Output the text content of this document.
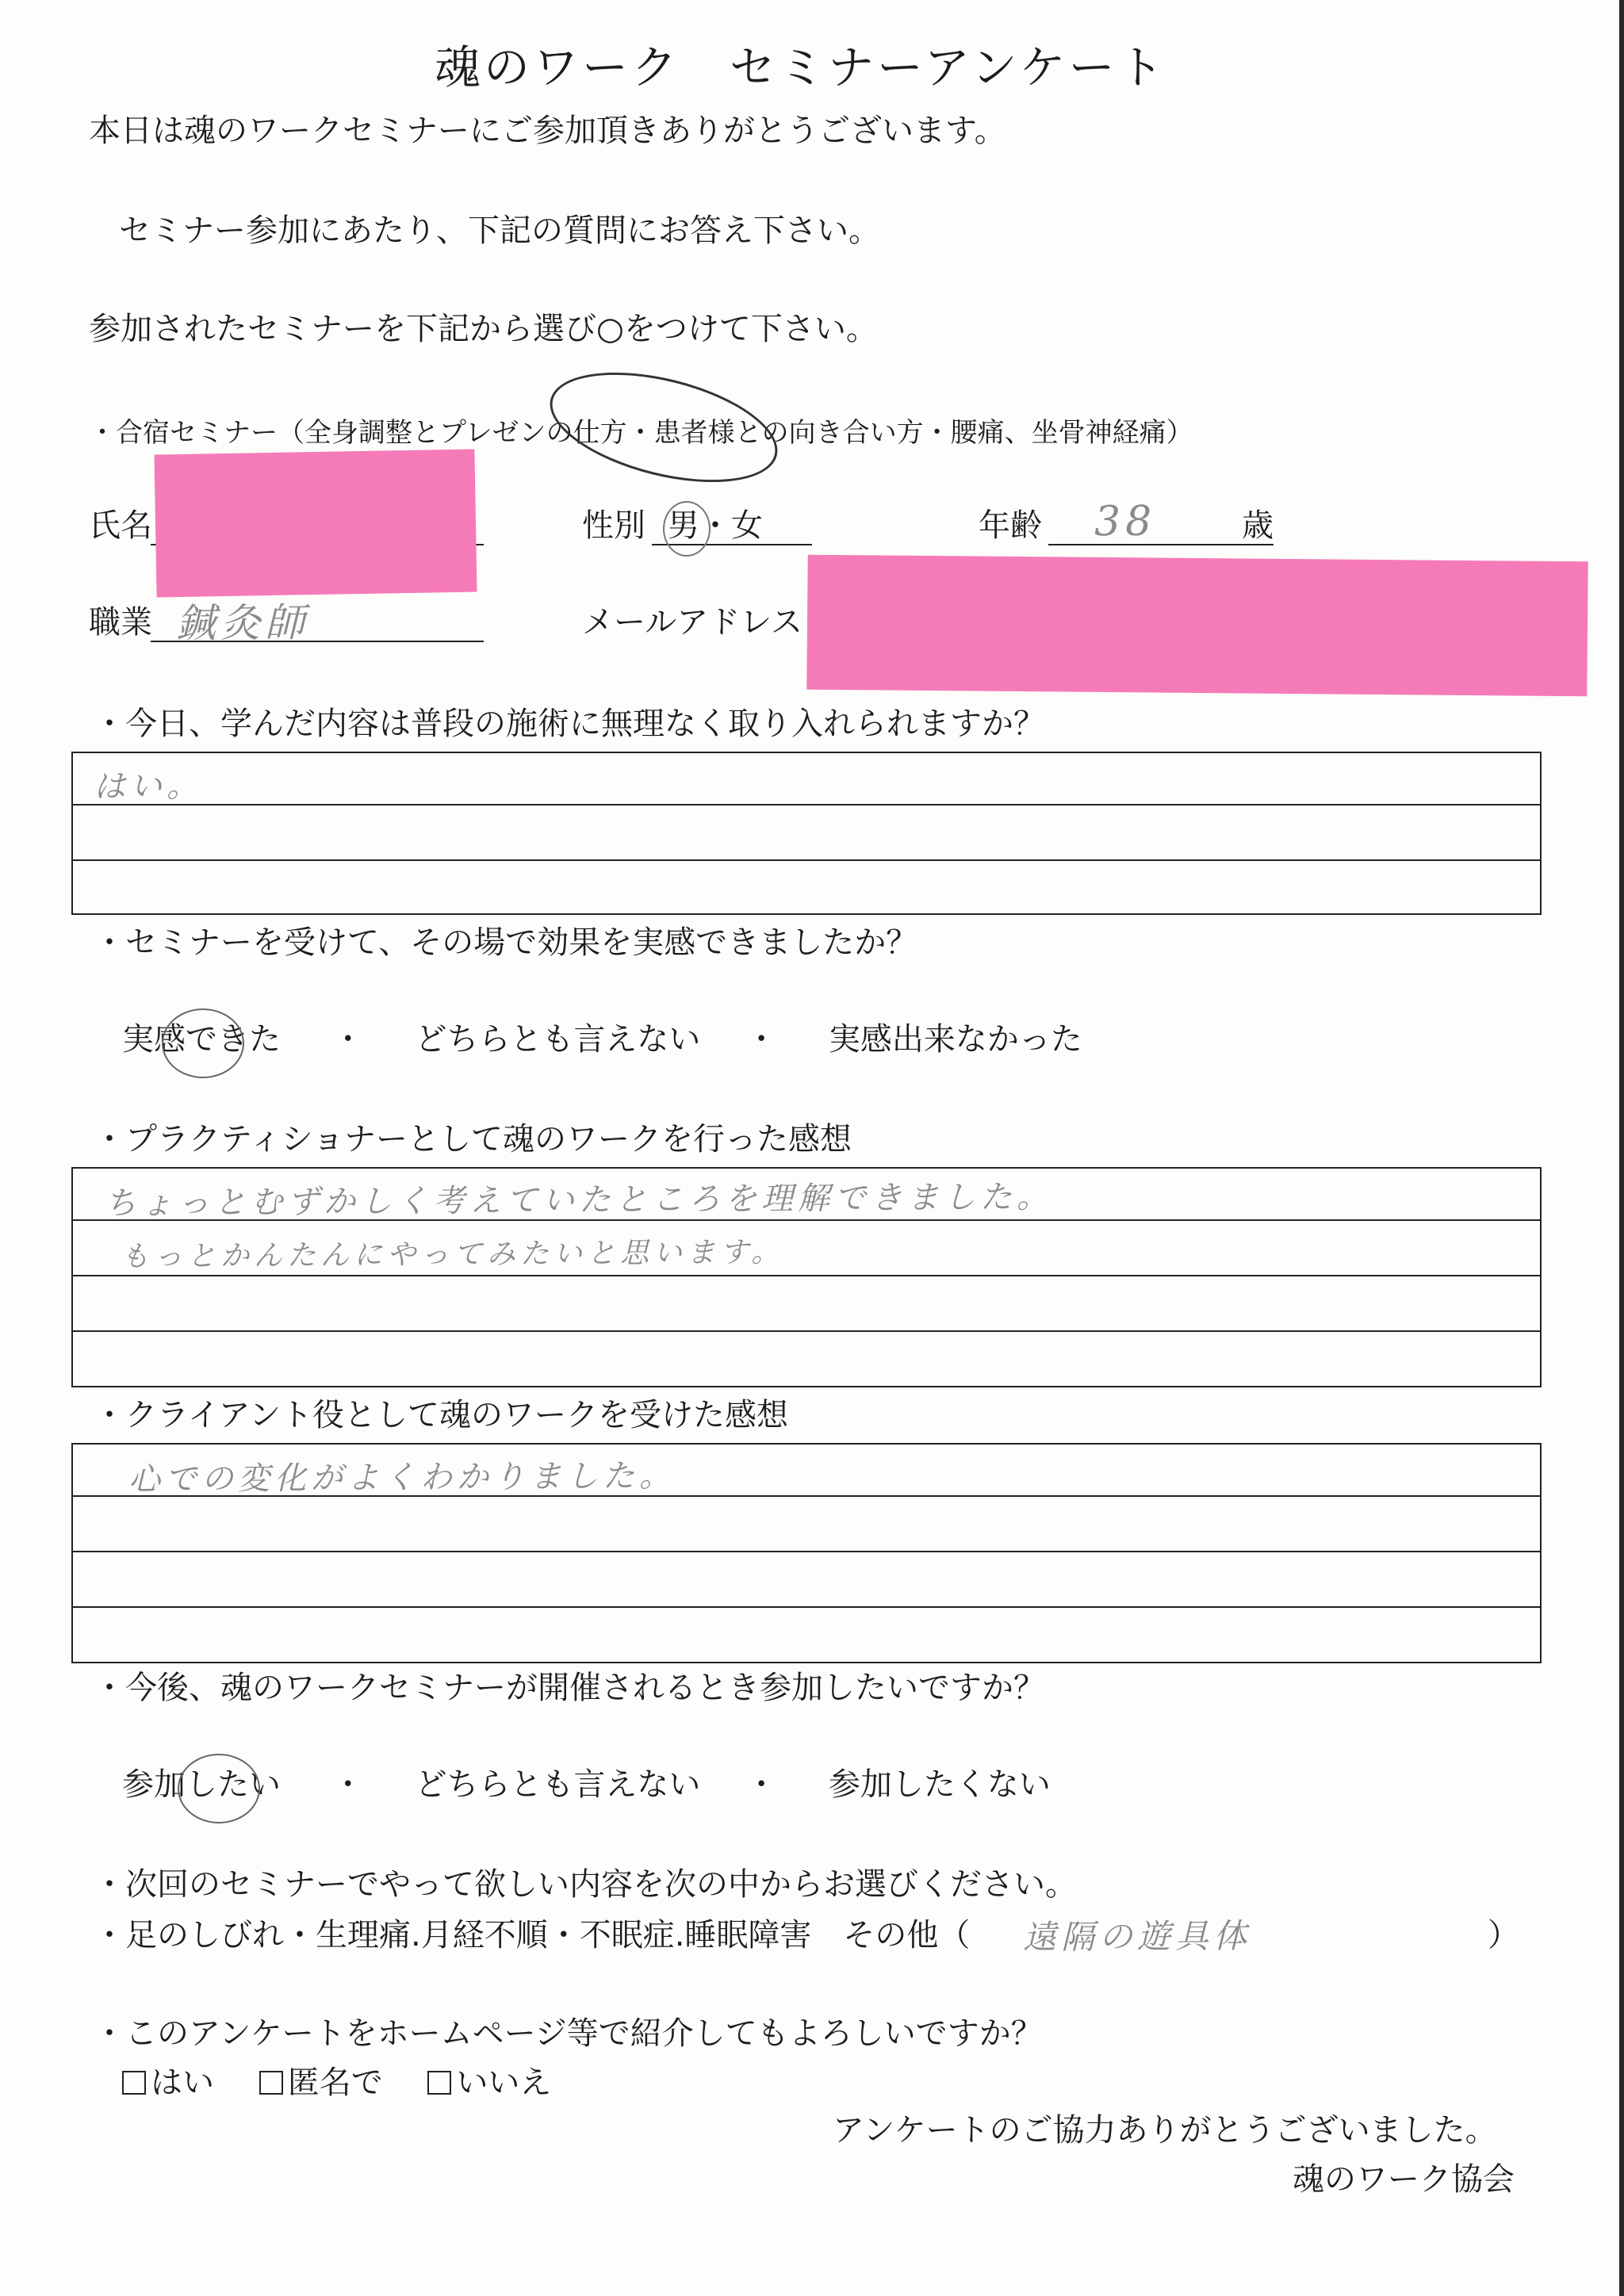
魂のワーク　セミナーアンケート
本日は魂のワークセミナーにご参加頂きありがとうございます。
セミナー参加にあたり、下記の質問にお答え下さい。
参加されたセミナーを下記から選び○をつけて下さい。
・合宿セミナー（全身調整とプレゼンの仕方・患者様との向き合い方・腰痛、坐骨神経痛）
氏名	性別 男・女	年齢 38	歳
職業 鍼灸師	メールアドレス
・今日、学んだ内容は普段の施術に無理なく取り入れられますか？
はい。
・セミナーを受けて、その場で効果を実感できましたか？
実感できた ・ どちらとも言えない ・ 実感出来なかった
・プラクティショナーとして魂のワークを行った感想
ちょっとむずかしく考えていたところを理解できました。
もっとかんたんにやってみたいと思います。
・クライアント役として魂のワークを受けた感想
心での変化がよくわかりました。
・今後、魂のワークセミナーが開催されるとき参加したいですか？
参加したい ・ どちらとも言えない ・ 参加したくない
・次回のセミナーでやって欲しい内容を次の中からお選びください。
・足のしびれ・生理痛.月経不順・不眠症.睡眠障害　その他（ 遠隔の遊具体	）
・このアンケートをホームページ等で紹介してもよろしいですか？
はい 匿名で いいえ
アンケートのご協力ありがとうございました。
魂のワーク協会
